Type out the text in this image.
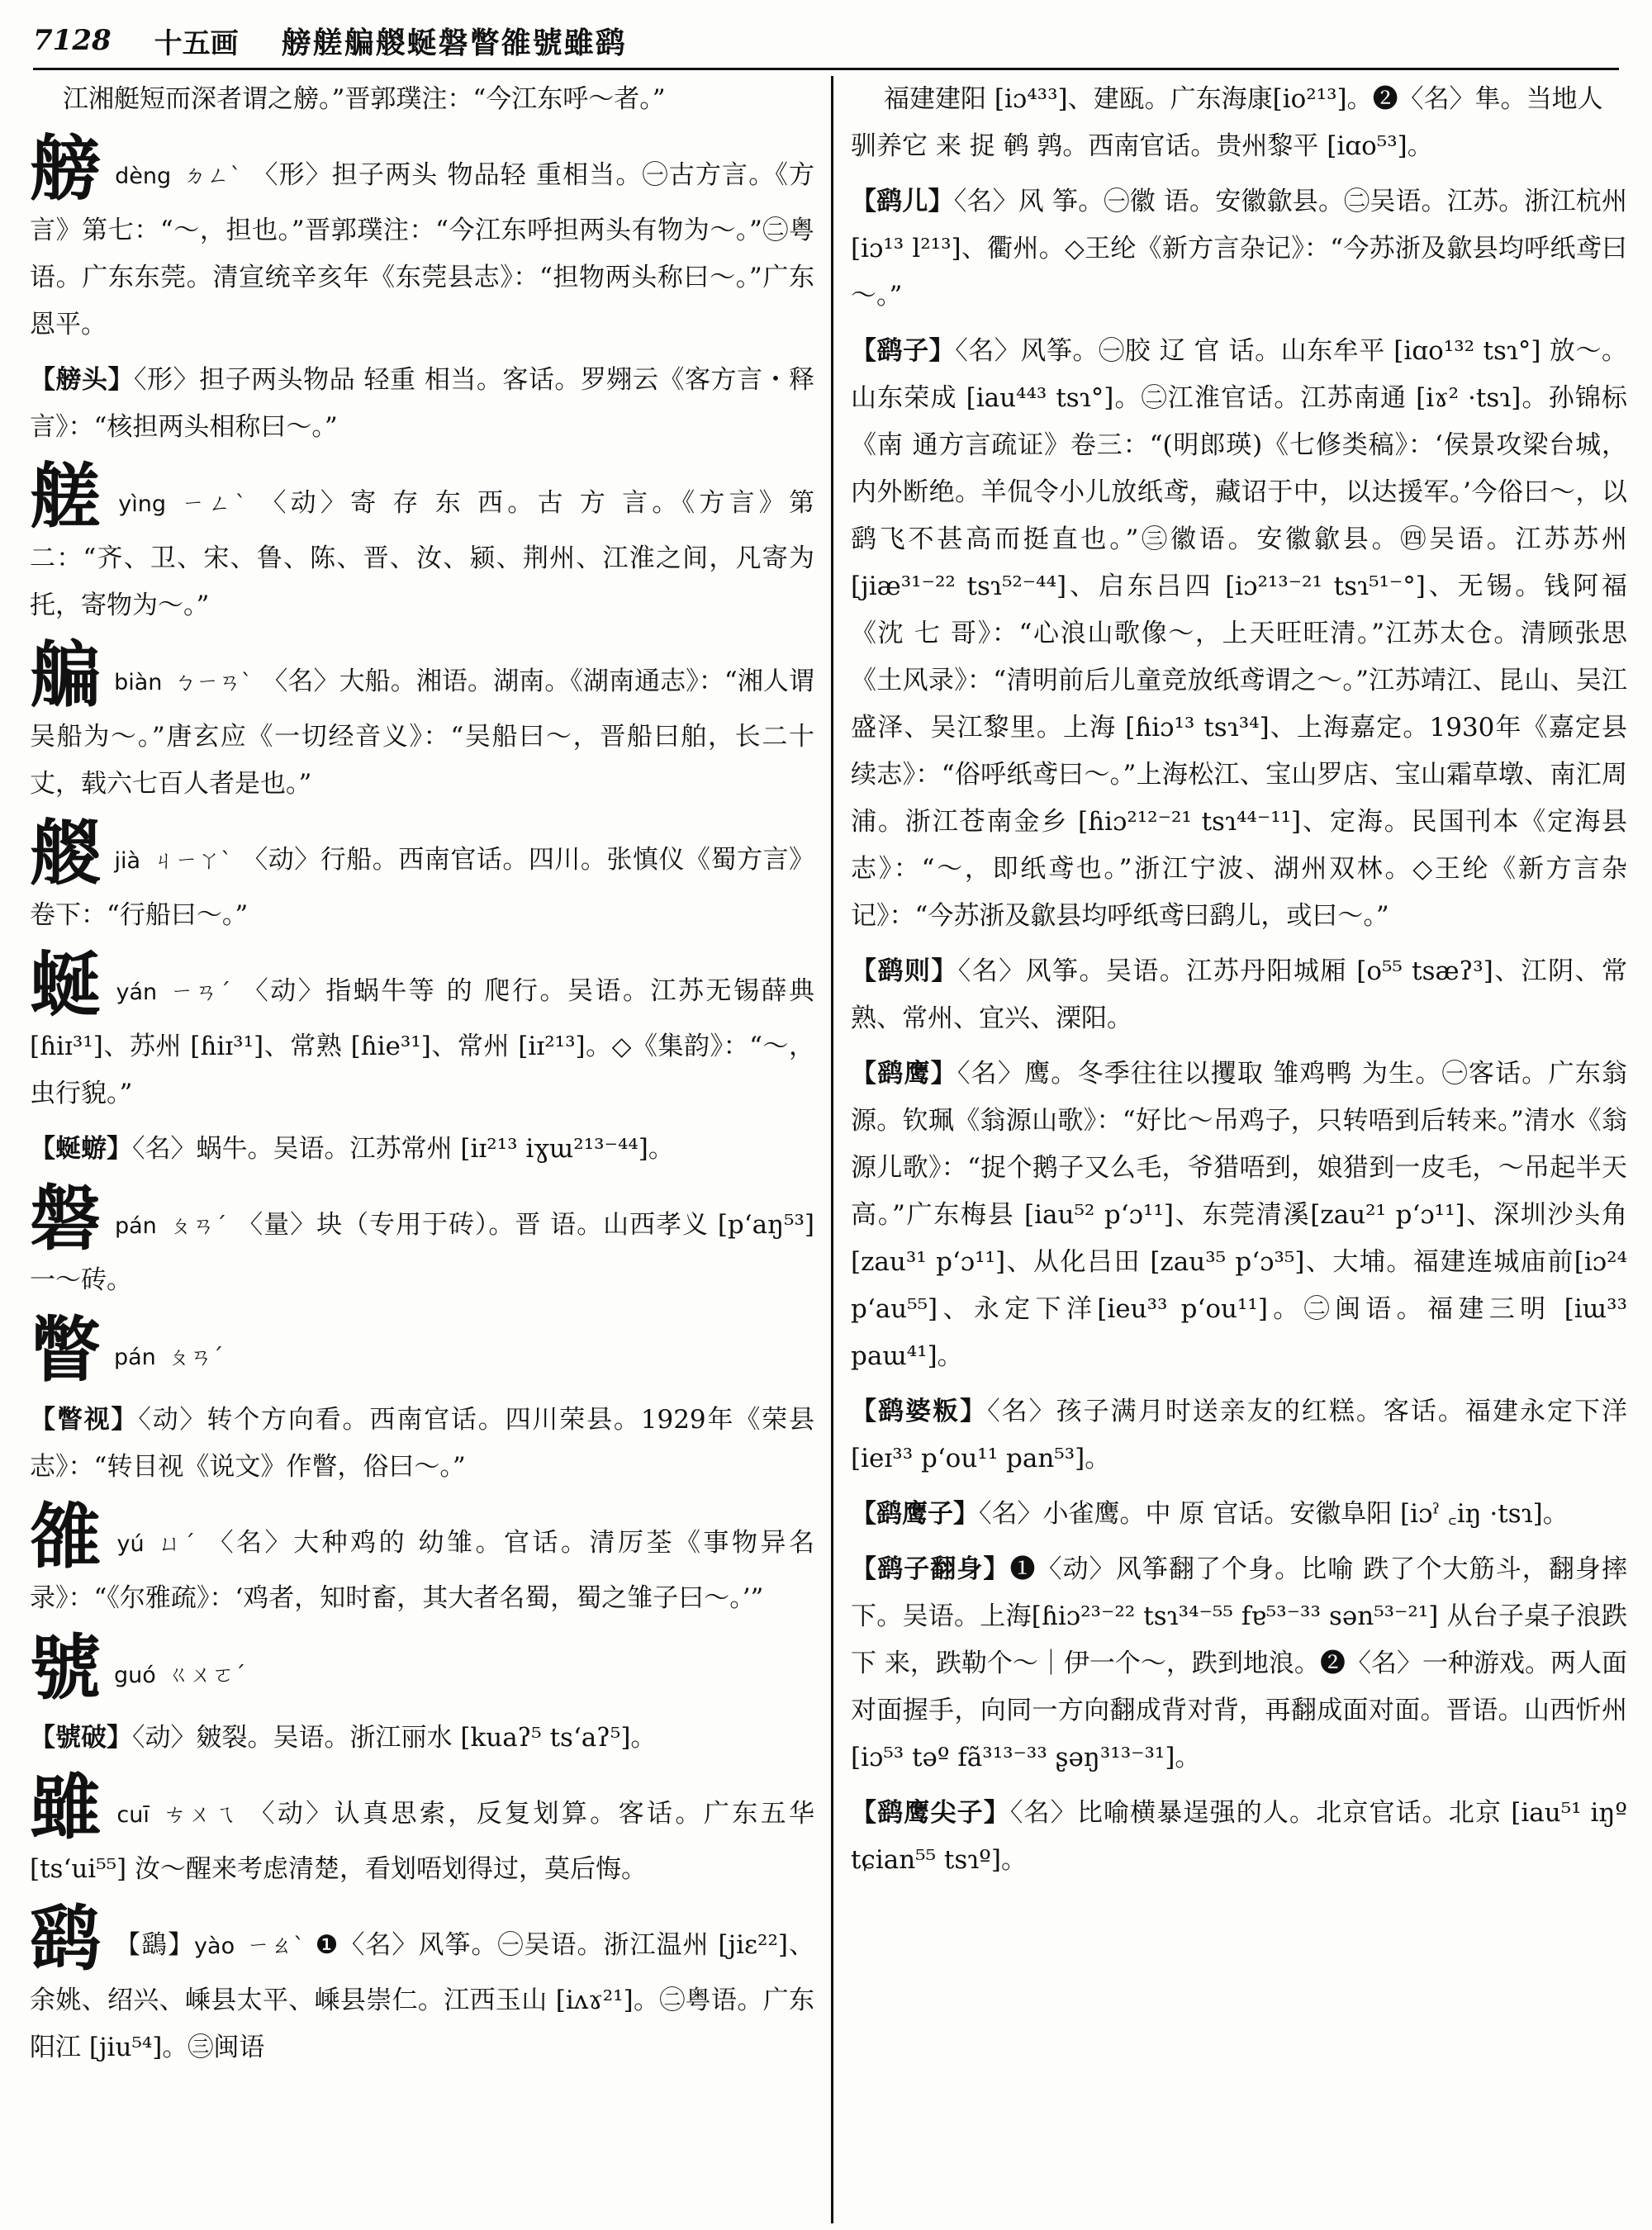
7128 十五画 艕艖艑艐蜒磐瞥雒號雖鹞
江湘艇短而深者谓之艕。”晋郭璞注：“今江东呼～者。”
艕dèng ㄉㄥˋ 〈形〉担子两头 物品轻 重相当。㊀古方言。《方言》第七：“～，担也。”晋郭璞注：“今江东呼担两头有物为～。”㊁粤语。广东东莞。清宣统辛亥年《东莞县志》：“担物两头称曰～。”广东恩平。
【艕头】〈形〉担子两头物品 轻重 相当。客话。罗翙云《客方言・释言》：“核担两头相称曰～。”
艖yìng ㄧㄥˋ 〈动〉寄 存 东 西。古 方 言。《方言》第二：“齐、卫、宋、鲁、陈、晋、汝、颍、荆州、江淮之间，凡寄为托，寄物为～。”
艑biàn ㄅㄧㄢˋ 〈名〉大船。湘语。湖南。《湖南通志》：“湘人谓吴船为～。”唐玄应《一切经音义》：“吴船曰～，晋船曰舶，长二十丈，载六七百人者是也。”
艐jià ㄐㄧㄚˋ 〈动〉行船。西南官话。四川。张慎仪《蜀方言》卷下：“行船曰～。”
蜒yán ㄧㄢˊ 〈动〉指蜗牛等 的 爬行。吴语。江苏无锡薛典 [ɦiɪ³¹]、苏州 [ɦiɪ³¹]、常熟 [ɦie³¹]、常州 [iɪ²¹³]。◇《集韵》：“～，虫行貌。”
【蜒蝣】〈名〉蜗牛。吴语。江苏常州 [iɪ²¹³ iɣɯ²¹³⁻⁴⁴]。
磐pán ㄆㄢˊ 〈量〉块（专用于砖）。晋 语。山西孝义 [pʻaŋ⁵³] 一～砖。
瞥pán ㄆㄢˊ
【瞥视】〈动〉转个方向看。西南官话。四川荣县。1929年《荣县志》：“转目视《说文》作瞥，俗曰～。”
雒yú ㄩˊ 〈名〉大种鸡的 幼雏。官话。清厉荃《事物异名录》：“《尔雅疏》：‘鸡者，知时畜，其大者名蜀，蜀之雏子曰～。’”
號guó ㄍㄨㄛˊ
【號破】〈动〉皴裂。吴语。浙江丽水 [kuaʔ⁵ tsʻaʔ⁵]。
雖cuī ㄘㄨㄟ 〈动〉认真思索，反复划算。客话。广东五华 [tsʻui⁵⁵] 汝～醒来考虑清楚，看划唔划得过，莫后悔。
鹞 【鷂】yào ㄧㄠˋ ❶〈名〉风筝。㊀吴语。浙江温州 [jiɛ²²]、余姚、绍兴、嵊县太平、嵊县崇仁。江西玉山 [iʌɤ²¹]。㊁粤语。广东阳江 [jiu⁵⁴]。㊂闽语
福建建阳 [iɔ⁴³³]、建瓯。广东海康[io²¹³]。❷〈名〉隼。当地人驯养它 来 捉 鹌 鹑。西南官话。贵州黎平 [iɑo⁵³]。
【鹞儿】〈名〉风 筝。㊀徽 语。安徽歙县。㊁吴语。江苏。浙江杭州 [iɔ¹³ l²¹³]、衢州。◇王纶《新方言杂记》：“今苏浙及歙县均呼纸鸢曰～。”
【鹞子】〈名〉风筝。㊀胶 辽 官 话。山东牟平 [iɑo¹³² tsɿ°] 放～。山东荣成 [iau⁴⁴³ tsɿ°]。㊁江淮官话。江苏南通 [iɤ² ·tsɿ]。孙锦标《南 通方言疏证》卷三：“(明郎瑛)《七修类稿》：‘侯景攻梁台城，内外断绝。羊侃令小儿放纸鸢，藏诏于中，以达援军。’今俗曰～，以鹞飞不甚高而挺直也。”㊂徽语。安徽歙县。㊃吴语。江苏苏州 [jiæ³¹⁻²² tsɿ⁵²⁻⁴⁴]、启东吕四 [iɔ²¹³⁻²¹ tsɿ⁵¹⁻°]、无锡。钱阿福《沈 七 哥》：“心浪山歌像～，上天旺旺清。”江苏太仓。清顾张思《土风录》：“清明前后儿童竞放纸鸢谓之～。”江苏靖江、昆山、吴江盛泽、吴江黎里。上海 [ɦiɔ¹³ tsɿ³⁴]、上海嘉定。1930年《嘉定县续志》：“俗呼纸鸢曰～。”上海松江、宝山罗店、宝山霜草墩、南汇周浦。浙江苍南金乡 [ɦiɔ²¹²⁻²¹ tsɿ⁴⁴⁻¹¹]、定海。民国刊本《定海县志》：“～，即纸鸢也。”浙江宁波、湖州双林。◇王纶《新方言杂记》：“今苏浙及歙县均呼纸鸢曰鹞儿，或曰～。”
【鹞则】〈名〉风筝。吴语。江苏丹阳城厢 [o⁵⁵ tsæʔ³]、江阴、常熟、常州、宜兴、溧阳。
【鹞鹰】〈名〉鹰。冬季往往以攫取 雏鸡鸭 为生。㊀客话。广东翁源。钦珮《翁源山歌》：“好比～吊鸡子，只转唔到后转来。”清水《翁源儿歌》：“捉个鹅子又么毛，爷猎唔到，娘猎到一皮毛，～吊起半天高。”广东梅县 [iau⁵² pʻɔ¹¹]、东莞清溪[zau²¹ pʻɔ¹¹]、深圳沙头角 [zau³¹ pʻɔ¹¹]、从化吕田 [zau³⁵ pʻɔ³⁵]、大埔。福建连城庙前[iɔ²⁴ pʻau⁵⁵]、永定下洋[ieu³³ pʻou¹¹]。㊁闽语。福建三明 [iɯ³³ paɯ⁴¹]。
【鹞婆粄】〈名〉孩子满月时送亲友的红糕。客话。福建永定下洋 [ieɪ³³ pʻou¹¹ pan⁵³]。
【鹞鹰子】〈名〉小雀鹰。中 原 官话。安徽阜阳 [iɔˀ ꜀iŋ ·tsɿ]。
【鹞子翻身】❶〈动〉风筝翻了个身。比喻 跌了个大筋斗，翻身摔下。吴语。上海[ɦiɔ²³⁻²² tsɿ³⁴⁻⁵⁵ fɐ⁵³⁻³³ sən⁵³⁻²¹] 从台子桌子浪跌 下 来，跌勒个～｜伊一个～，跌到地浪。❷〈名〉一种游戏。两人面对面握手，向同一方向翻成背对背，再翻成面对面。晋语。山西忻州 [iɔ⁵³ təº fã³¹³⁻³³ ʂəŋ³¹³⁻³¹]。
【鹞鹰尖子】〈名〉比喻横暴逞强的人。北京官话。北京 [iau⁵¹ iŋº tɕian⁵⁵ tsɿº]。
